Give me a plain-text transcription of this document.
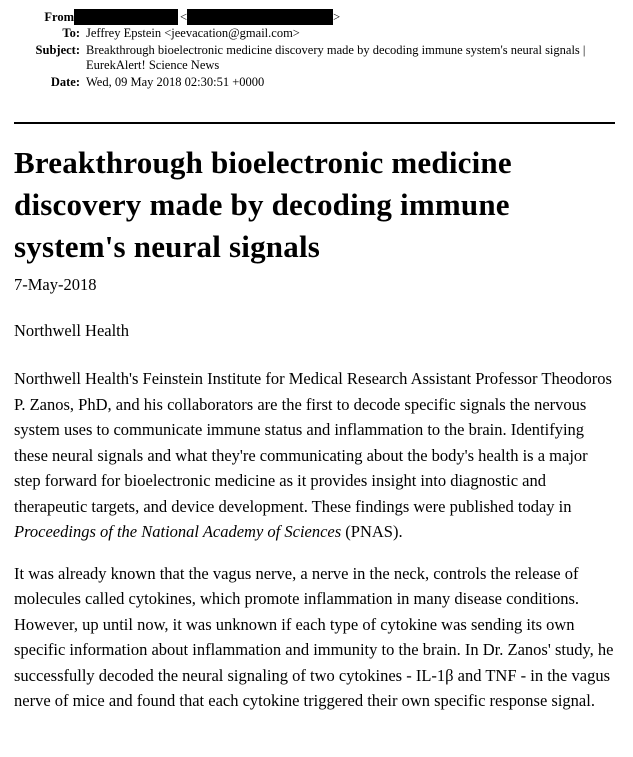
From	<	>
To: Jeffrey Epstein <jeevacation@gmail.com>
Subject: Breakthrough bioelectronic medicine discovery made by decoding immune system's neural signals | EurekAlert! Science News
Date: Wed, 09 May 2018 02:30:51 +0000
Breakthrough bioelectronic medicine discovery made by decoding immune system's neural signals
7-May-2018
Northwell Health

Northwell Health's Feinstein Institute for Medical Research Assistant Professor Theodoros P. Zanos, PhD, and his collaborators are the first to decode specific signals the nervous system uses to communicate immune status and inflammation to the brain. Identifying these neural signals and what they're communicating about the body's health is a major step forward for bioelectronic medicine as it provides insight into diagnostic and therapeutic targets, and device development. These findings were published today in Proceedings of the National Academy of Sciences (PNAS).

It was already known that the vagus nerve, a nerve in the neck, controls the release of molecules called cytokines, which promote inflammation in many disease conditions. However, up until now, it was unknown if each type of cytokine was sending its own specific information about inflammation and immunity to the brain. In Dr. Zanos' study, he successfully decoded the neural signaling of two cytokines - IL-1β and TNF - in the vagus nerve of mice and found that each cytokine triggered their own specific response signal.
